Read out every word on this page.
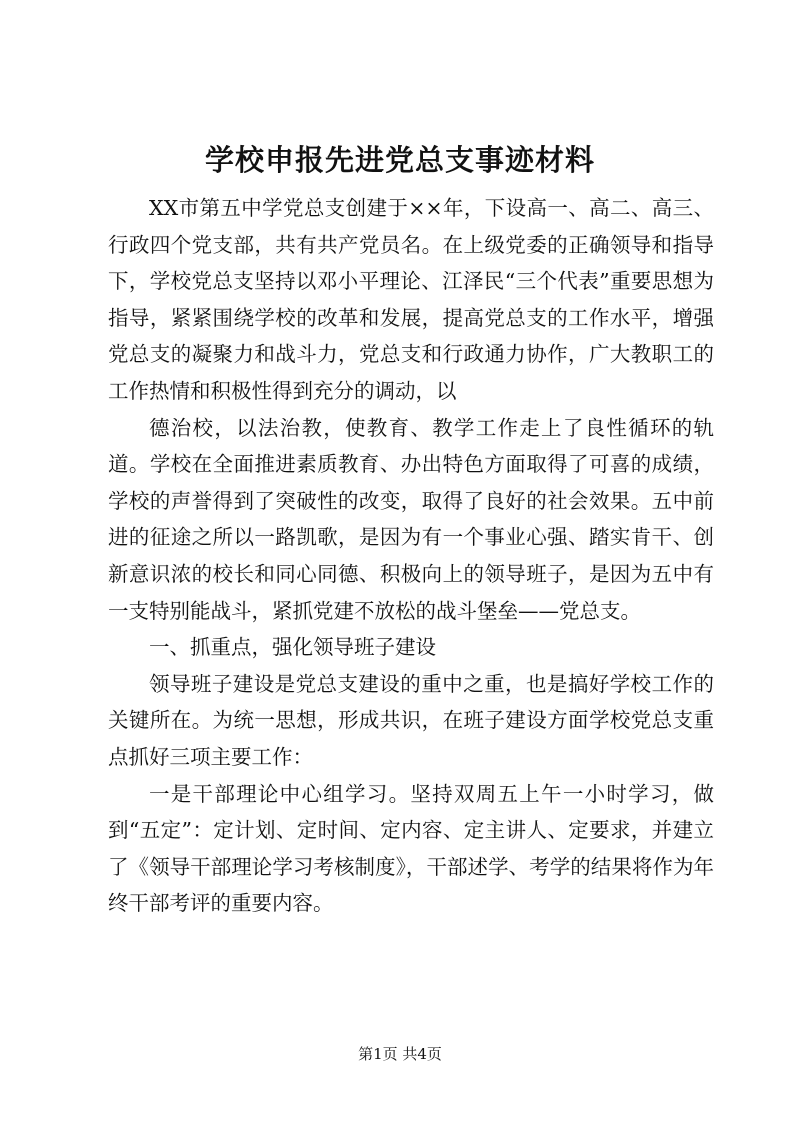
学校申报先进党总支事迹材料

XX市第五中学党总支创建于××年，下设高一、高二、高三、行政四个党支部，共有共产党员名。在上级党委的正确领导和指导下，学校党总支坚持以邓小平理论、江泽民“三个代表”重要思想为指导，紧紧围绕学校的改革和发展，提高党总支的工作水平，增强党总支的凝聚力和战斗力，党总支和行政通力协作，广大教职工的工作热情和积极性得到充分的调动，以

德治校，以法治教，使教育、教学工作走上了良性循环的轨道。学校在全面推进素质教育、办出特色方面取得了可喜的成绩，学校的声誉得到了突破性的改变，取得了良好的社会效果。五中前进的征途之所以一路凯歌，是因为有一个事业心强、踏实肯干、创新意识浓的校长和同心同德、积极向上的领导班子，是因为五中有一支特别能战斗，紧抓党建不放松的战斗堡垒——党总支。

一、抓重点，强化领导班子建设

领导班子建设是党总支建设的重中之重，也是搞好学校工作的关键所在。为统一思想，形成共识，在班子建设方面学校党总支重点抓好三项主要工作：

一是干部理论中心组学习。坚持双周五上午一小时学习，做到“五定”：定计划、定时间、定内容、定主讲人、定要求，并建立了《领导干部理论学习考核制度》，干部述学、考学的结果将作为年终干部考评的重要内容。

第1页 共4页
